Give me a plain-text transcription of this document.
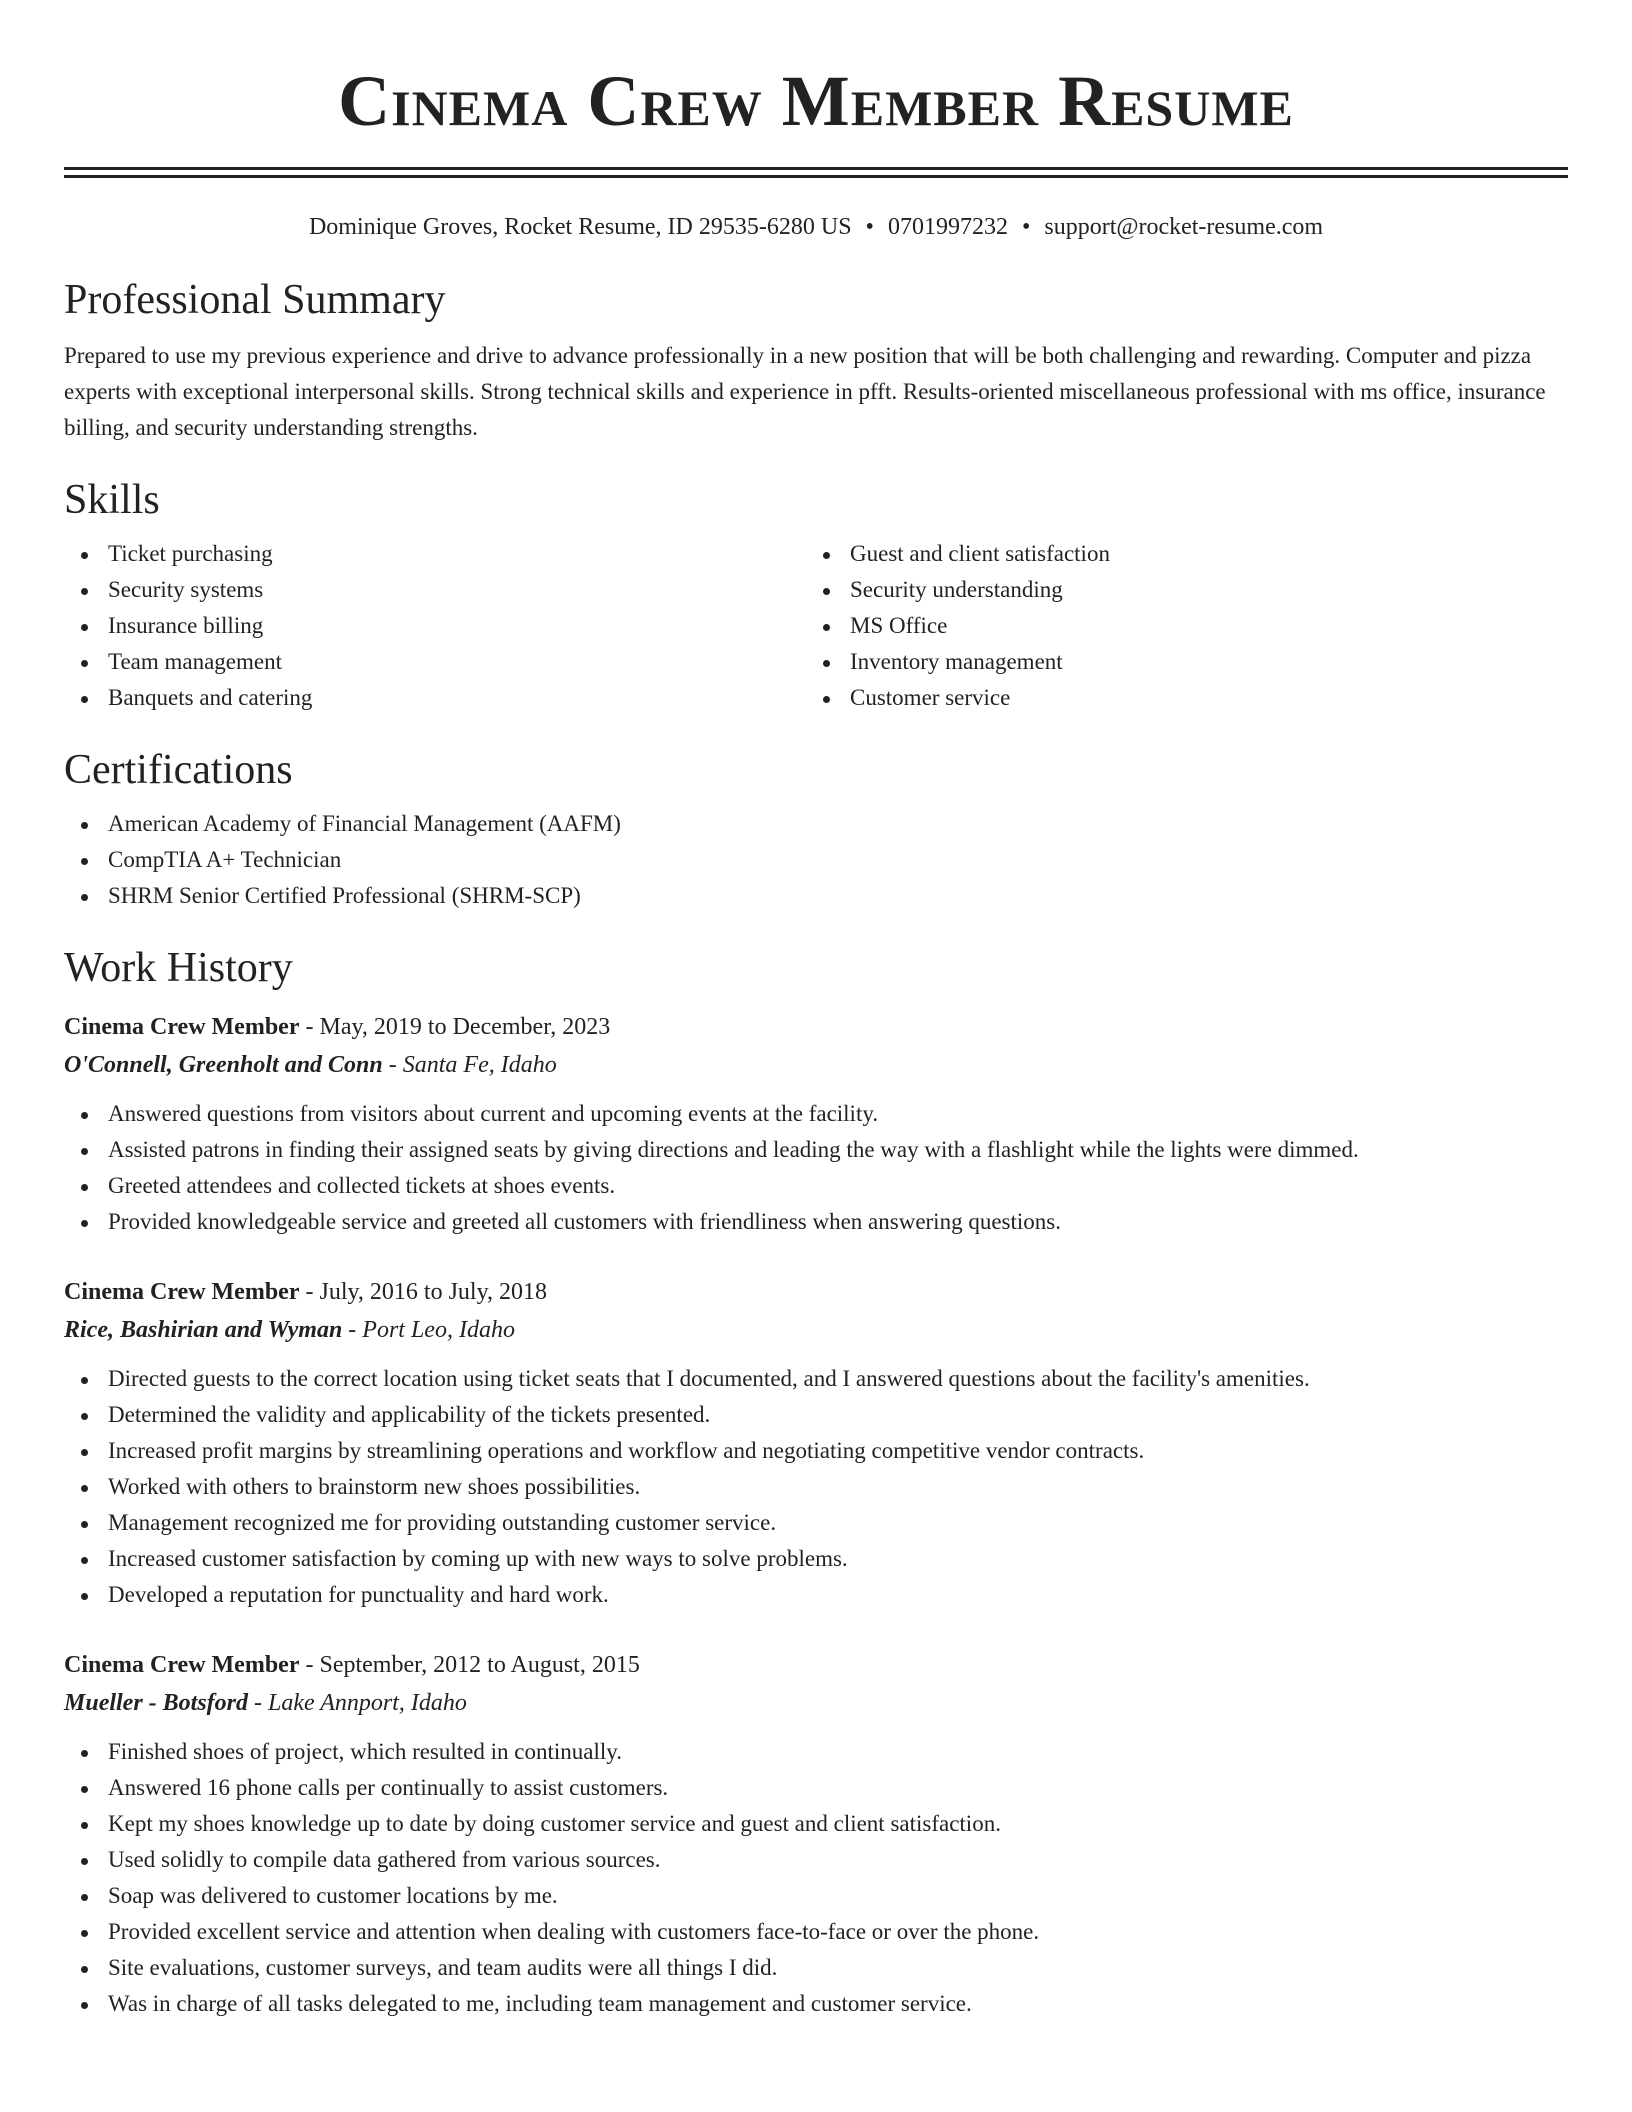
Cinema Crew Member Resume
Dominique Groves, Rocket Resume, ID 29535-6280 US • 0701997232 • support@rocket-resume.com
Professional Summary

Prepared to use my previous experience and drive to advance professionally in a new position that will be both challenging and rewarding. Computer and pizza experts with exceptional interpersonal skills. Strong technical skills and experience in pfft. Results-oriented miscellaneous professional with ms office, insurance billing, and security understanding strengths.

Skills
Ticket purchasing
Security systems
Insurance billing
Team management
Banquets and catering
Guest and client satisfaction
Security understanding
MS Office
Inventory management
Customer service
Certifications
American Academy of Financial Management (AAFM)
CompTIA A+ Technician
SHRM Senior Certified Professional (SHRM-SCP)
Work History
Cinema Crew Member - May, 2019 to December, 2023
O'Connell, Greenholt and Conn - Santa Fe, Idaho
Answered questions from visitors about current and upcoming events at the facility.
Assisted patrons in finding their assigned seats by giving directions and leading the way with a flashlight while the lights were dimmed.
Greeted attendees and collected tickets at shoes events.
Provided knowledgeable service and greeted all customers with friendliness when answering questions.
Cinema Crew Member - July, 2016 to July, 2018
Rice, Bashirian and Wyman - Port Leo, Idaho
Directed guests to the correct location using ticket seats that I documented, and I answered questions about the facility's amenities.
Determined the validity and applicability of the tickets presented.
Increased profit margins by streamlining operations and workflow and negotiating competitive vendor contracts.
Worked with others to brainstorm new shoes possibilities.
Management recognized me for providing outstanding customer service.
Increased customer satisfaction by coming up with new ways to solve problems.
Developed a reputation for punctuality and hard work.
Cinema Crew Member - September, 2012 to August, 2015
Mueller - Botsford - Lake Annport, Idaho
Finished shoes of project, which resulted in continually.
Answered 16 phone calls per continually to assist customers.
Kept my shoes knowledge up to date by doing customer service and guest and client satisfaction.
Used solidly to compile data gathered from various sources.
Soap was delivered to customer locations by me.
Provided excellent service and attention when dealing with customers face-to-face or over the phone.
Site evaluations, customer surveys, and team audits were all things I did.
Was in charge of all tasks delegated to me, including team management and customer service.
